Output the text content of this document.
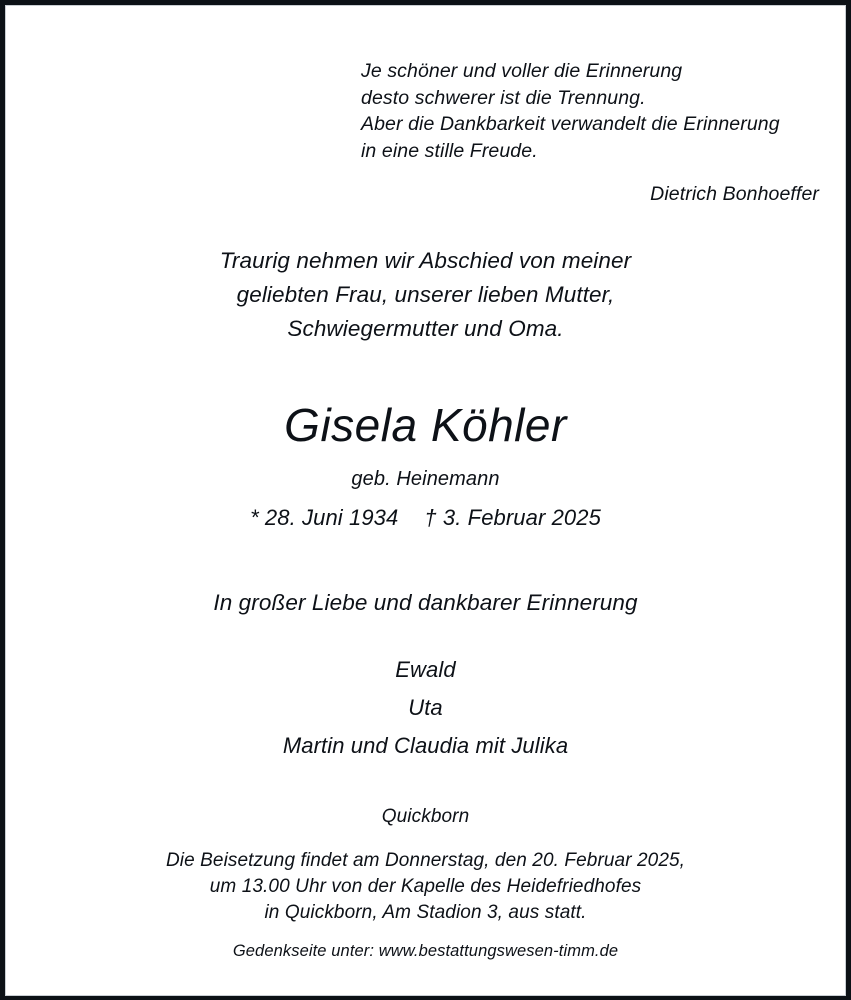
Je schöner und voller die Erinnerung
desto schwerer ist die Trennung.
Aber die Dankbarkeit verwandelt die Erinnerung
in eine stille Freude.
Dietrich Bonhoeffer
Traurig nehmen wir Abschied von meiner
geliebten Frau, unserer lieben Mutter,
Schwiegermutter und Oma.
Gisela Köhler
geb. Heinemann
* 28. Juni 1934 † 3. Februar 2025
In großer Liebe und dankbarer Erinnerung
Ewald
Uta
Martin und Claudia mit Julika
Quickborn
Die Beisetzung findet am Donnerstag, den 20. Februar 2025,
um 13.00 Uhr von der Kapelle des Heidefriedhofes
in Quickborn, Am Stadion 3, aus statt.
Gedenkseite unter: www.bestattungswesen-timm.de
